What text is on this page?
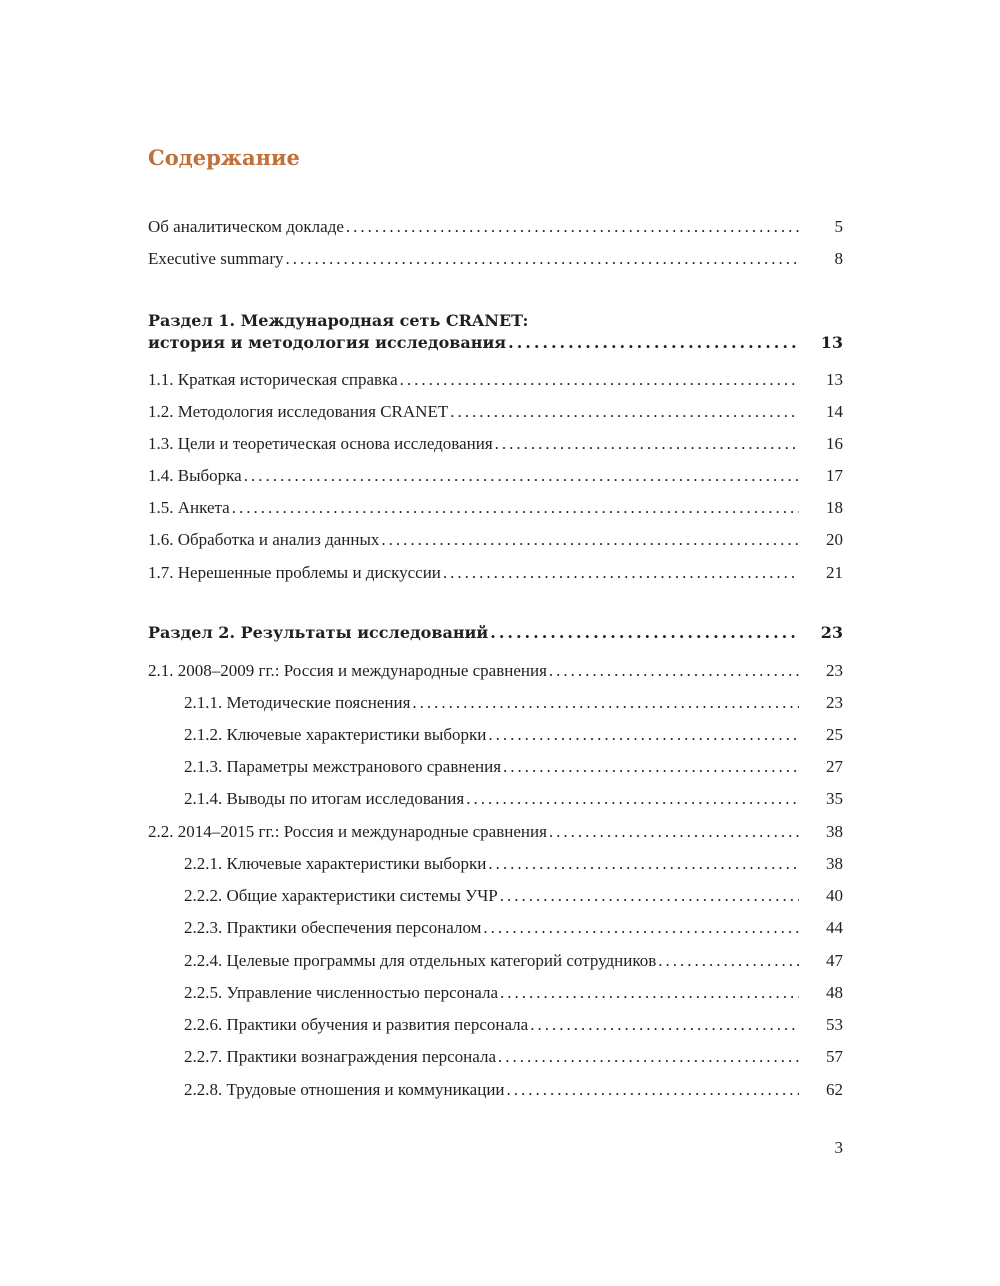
Содержание
Об аналитическом докладе .....	5
Executive summary .....	8
Раздел 1. Международная сеть CRANET:
история и методология исследования .....	13
1.1. Краткая историческая справка .....	13
1.2. Методология исследования CRANET .....	14
1.3. Цели и теоретическая основа исследования .....	16
1.4. Выборка .....	17
1.5. Анкета .....	18
1.6. Обработка и анализ данных .....	20
1.7. Нерешенные проблемы и дискуссии .....	21
Раздел 2. Результаты исследований .....	23
2.1. 2008–2009 гг.: Россия и международные сравнения .....	23
2.1.1. Методические пояснения .....	23
2.1.2. Ключевые характеристики выборки .....	25
2.1.3. Параметры межстранового сравнения .....	27
2.1.4. Выводы по итогам исследования .....	35
2.2. 2014–2015 гг.: Россия и международные сравнения .....	38
2.2.1. Ключевые характеристики выборки .....	38
2.2.2. Общие характеристики системы УЧР .....	40
2.2.3. Практики обеспечения персоналом .....	44
2.2.4. Целевые программы для отдельных категорий сотрудников .....	47
2.2.5. Управление численностью персонала .....	48
2.2.6. Практики обучения и развития персонала .....	53
2.2.7. Практики вознаграждения персонала .....	57
2.2.8. Трудовые отношения и коммуникации .....	62
3
